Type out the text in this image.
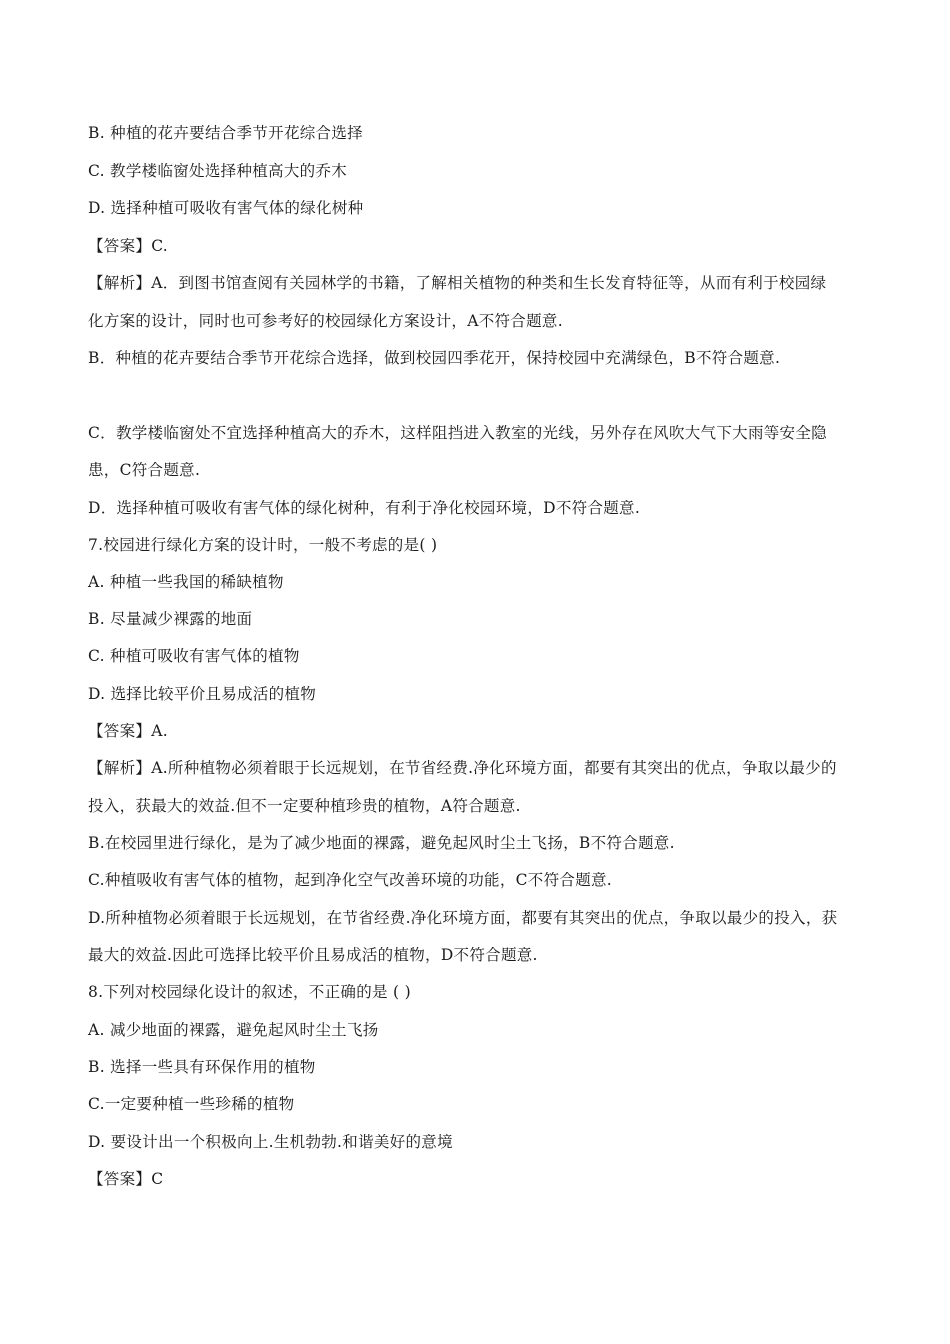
B. 种植的花卉要结合季节开花综合选择
C. 教学楼临窗处选择种植高大的乔木
D. 选择种植可吸收有害气体的绿化树种
【答案】C.
【解析】A．到图书馆查阅有关园林学的书籍，了解相关植物的种类和生长发育特征等，从而有利于校园绿
化方案的设计，同时也可参考好的校园绿化方案设计，A不符合题意.
B．种植的花卉要结合季节开花综合选择，做到校园四季花开，保持校园中充满绿色，B不符合题意.
C．教学楼临窗处不宜选择种植高大的乔木，这样阻挡进入教室的光线，另外存在风吹大气下大雨等安全隐
患，C符合题意.
D．选择种植可吸收有害气体的绿化树种，有利于净化校园环境，D不符合题意.
7.校园进行绿化方案的设计时，一般不考虑的是( )
A. 种植一些我国的稀缺植物
B. 尽量减少裸露的地面
C. 种植可吸收有害气体的植物
D. 选择比较平价且易成活的植物
【答案】A.
【解析】A.所种植物必须着眼于长远规划，在节省经费.净化环境方面，都要有其突出的优点，争取以最少的
投入，获最大的效益.但不一定要种植珍贵的植物，A符合题意.
B.在校园里进行绿化，是为了减少地面的裸露，避免起风时尘土飞扬，B不符合题意.
C.种植吸收有害气体的植物，起到净化空气改善环境的功能，C不符合题意.
D.所种植物必须着眼于长远规划，在节省经费.净化环境方面，都要有其突出的优点，争取以最少的投入，获
最大的效益.因此可选择比较平价且易成活的植物，D不符合题意.
8.下列对校园绿化设计的叙述，不正确的是 ( )
A. 减少地面的裸露，避免起风时尘土飞扬
B. 选择一些具有环保作用的植物
C.一定要种植一些珍稀的植物
D. 要设计出一个积极向上.生机勃勃.和谐美好的意境
【答案】C
